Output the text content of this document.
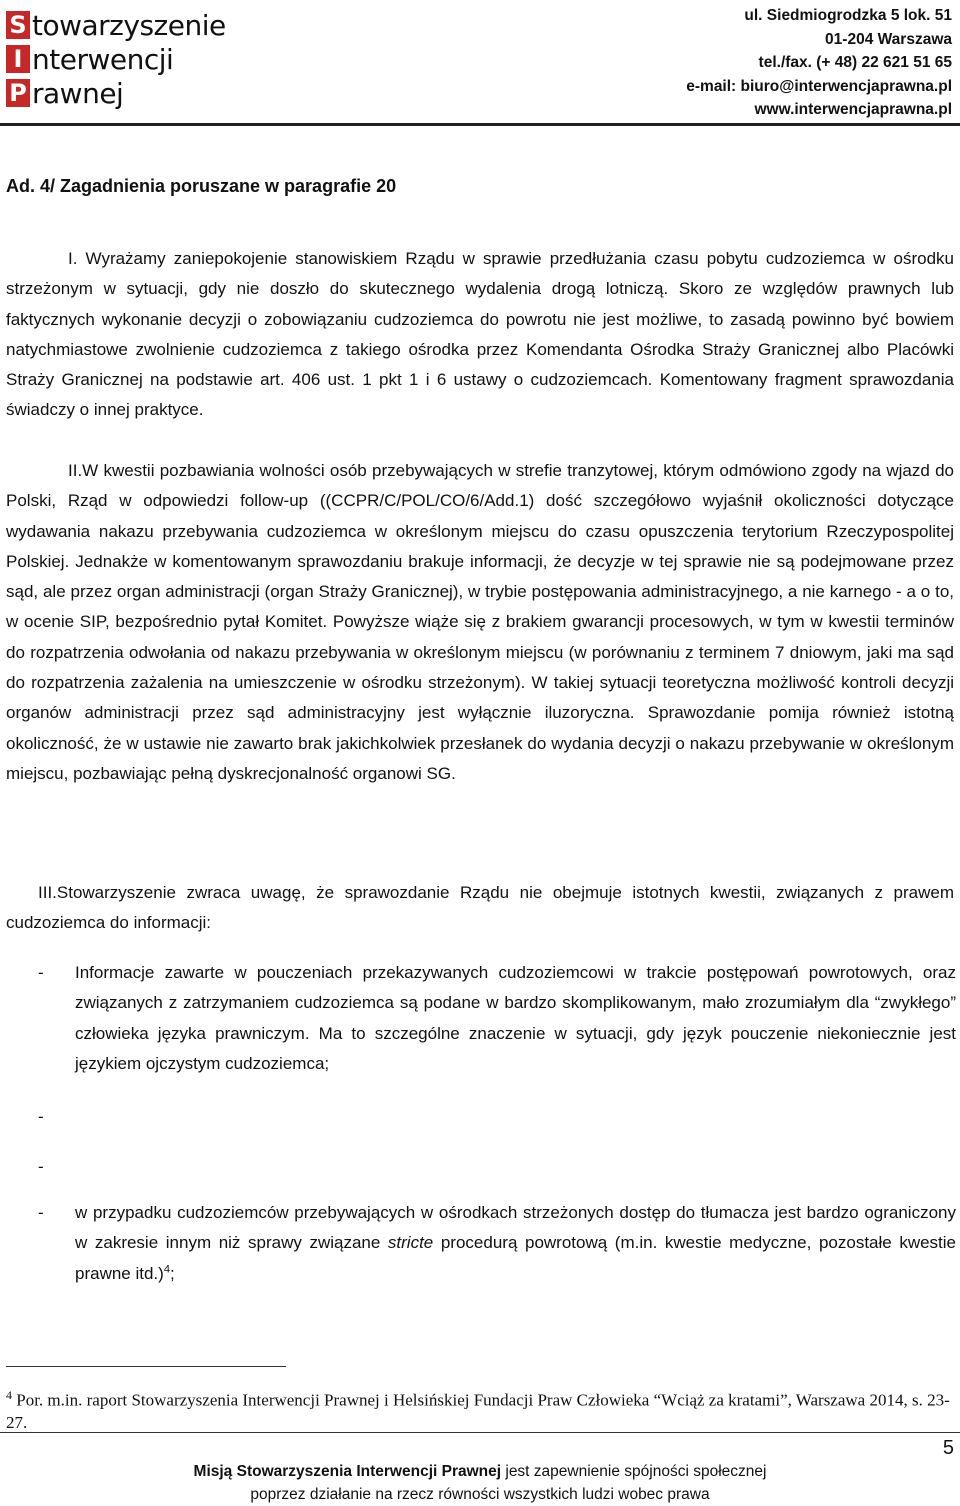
S towarzyszenie
I nterwencji
P rawnej
ul. Siedmiogrodzka 5 lok. 51
01-204 Warszawa
tel./fax. (+ 48) 22 621 51 65
e-mail: biuro@interwencjaprawna.pl
www.interwencjaprawna.pl
Ad. 4/ Zagadnienia poruszane w paragrafie 20

I. Wyrażamy zaniepokojenie stanowiskiem Rządu w sprawie przedłużania czasu pobytu cudzoziemca w ośrodku strzeżonym w sytuacji, gdy nie doszło do skutecznego wydalenia drogą lotniczą. Skoro ze względów prawnych lub faktycznych wykonanie decyzji o zobowiązaniu cudzoziemca do powrotu nie jest możliwe, to zasadą powinno być bowiem natychmiastowe zwolnienie cudzoziemca z takiego ośrodka przez Komendanta Ośrodka Straży Granicznej albo Placówki Straży Granicznej na podstawie art. 406 ust. 1 pkt 1 i 6 ustawy o cudzoziemcach. Komentowany fragment sprawozdania świadczy o innej praktyce.

II.W kwestii pozbawiania wolności osób przebywających w strefie tranzytowej, którym odmówiono zgody na wjazd do Polski, Rząd w odpowiedzi follow-up ((CCPR/C/POL/CO/6/Add.1) dość szczegółowo wyjaśnił okoliczności dotyczące wydawania nakazu przebywania cudzoziemca w określonym miejscu do czasu opuszczenia terytorium Rzeczypospolitej Polskiej. Jednakże w komentowanym sprawozdaniu brakuje informacji, że decyzje w tej sprawie nie są podejmowane przez sąd, ale przez organ administracji (organ Straży Granicznej), w trybie postępowania administracyjnego, a nie karnego - a o to, w ocenie SIP, bezpośrednio pytał Komitet. Powyższe wiąże się z brakiem gwarancji procesowych, w tym w kwestii terminów do rozpatrzenia odwołania od nakazu przebywania w określonym miejscu (w porównaniu z terminem 7 dniowym, jaki ma sąd do rozpatrzenia zażalenia na umieszczenie w ośrodku strzeżonym). W takiej sytuacji teoretyczna możliwość kontroli decyzji organów administracji przez sąd administracyjny jest wyłącznie iluzoryczna. Sprawozdanie pomija również istotną okoliczność, że w ustawie nie zawarto brak jakichkolwiek przesłanek do wydania decyzji o nakazu przebywanie w określonym miejscu, pozbawiając pełną dyskrecjonalność organowi SG.

III.Stowarzyszenie zwraca uwagę, że sprawozdanie Rządu nie obejmuje istotnych kwestii, związanych z prawem cudzoziemca do informacji:

- Informacje zawarte w pouczeniach przekazywanych cudzoziemcowi w trakcie postępowań powrotowych, oraz związanych z zatrzymaniem cudzoziemca są podane w bardzo skomplikowanym, mało zrozumiałym dla “zwykłego” człowieka języka prawniczym. Ma to szczególne znaczenie w sytuacji, gdy język pouczenie niekoniecznie jest językiem ojczystym cudzoziemca;
-
-
- w przypadku cudzoziemców przebywających w ośrodkach strzeżonych dostęp do tłumacza jest bardzo ograniczony w zakresie innym niż sprawy związane stricte procedurą powrotową (m.in. kwestie medyczne, pozostałe kwestie prawne itd.)$^4$;
$^4$ Por. m.in. raport Stowarzyszenia Interwencji Prawnej i Helsińskiej Fundacji Praw Człowieka “Wciąż za kratami”, Warszawa 2014, s. 23-27.
5
Misją Stowarzyszenia Interwencji Prawnej jest zapewnienie spójności społecznej
poprzez działanie na rzecz równości wszystkich ludzi wobec prawa
